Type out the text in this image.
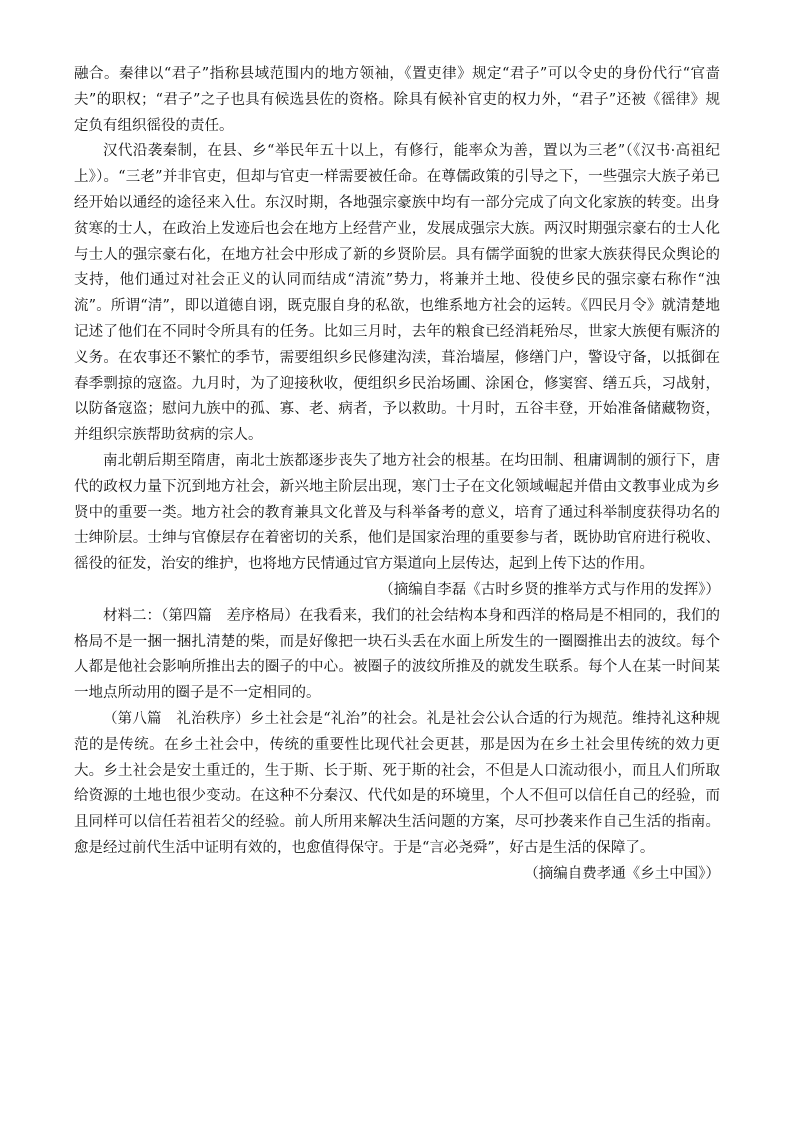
融合。秦律以“君子”指称县域范围内的地方领袖，《置吏律》规定“君子”可以令史的身份代行“官啬夫”的职权；“君子”之子也具有候选县佐的资格。除具有候补官吏的权力外，“君子”还被《徭律》规定负有组织徭役的责任。

汉代沿袭秦制，在县、乡“举民年五十以上，有修行，能率众为善，置以为三老”（《汉书·高祖纪上》）。“三老”并非官吏，但却与官吏一样需要被任命。在尊儒政策的引导之下，一些强宗大族子弟已经开始以通经的途径来入仕。东汉时期，各地强宗豪族中均有一部分完成了向文化家族的转变。出身贫寒的士人，在政治上发迹后也会在地方上经营产业，发展成强宗大族。两汉时期强宗豪右的士人化与士人的强宗豪右化，在地方社会中形成了新的乡贤阶层。具有儒学面貌的世家大族获得民众舆论的支持，他们通过对社会正义的认同而结成“清流”势力，将兼并土地、役使乡民的强宗豪右称作“浊流”。所谓“清”，即以道德自诩，既克服自身的私欲，也维系地方社会的运转。《四民月令》就清楚地记述了他们在不同时令所具有的任务。比如三月时，去年的粮食已经消耗殆尽，世家大族便有赈济的义务。在农事还不繁忙的季节，需要组织乡民修建沟渎，葺治墙屋，修缮门户，警设守备，以抵御在春季剽掠的寇盗。九月时，为了迎接秋收，便组织乡民治场圃、涂囷仓，修窦窖、缮五兵，习战射，以防备寇盗；慰问九族中的孤、寡、老、病者，予以救助。十月时，五谷丰登，开始准备储藏物资，并组织宗族帮助贫病的宗人。

南北朝后期至隋唐，南北士族都逐步丧失了地方社会的根基。在均田制、租庸调制的颁行下，唐代的政权力量下沉到地方社会，新兴地主阶层出现，寒门士子在文化领域崛起并借由文教事业成为乡贤中的重要一类。地方社会的教育兼具文化普及与科举备考的意义，培育了通过科举制度获得功名的士绅阶层。士绅与官僚层存在着密切的关系，他们是国家治理的重要参与者，既协助官府进行税收、徭役的征发，治安的维护，也将地方民情通过官方渠道向上层传达，起到上传下达的作用。

（摘编自李磊《古时乡贤的推举方式与作用的发挥》）

材料二：（第四篇　差序格局）在我看来，我们的社会结构本身和西洋的格局是不相同的，我们的格局不是一捆一捆扎清楚的柴，而是好像把一块石头丢在水面上所发生的一圈圈推出去的波纹。每个人都是他社会影响所推出去的圈子的中心。被圈子的波纹所推及的就发生联系。每个人在某一时间某一地点所动用的圈子是不一定相同的。

（第八篇　礼治秩序）乡土社会是“礼治”的社会。礼是社会公认合适的行为规范。维持礼这种规范的是传统。在乡土社会中，传统的重要性比现代社会更甚，那是因为在乡土社会里传统的效力更大。乡土社会是安土重迁的，生于斯、长于斯、死于斯的社会，不但是人口流动很小，而且人们所取给资源的土地也很少变动。在这种不分秦汉、代代如是的环境里，个人不但可以信任自己的经验，而且同样可以信任若祖若父的经验。前人所用来解决生活问题的方案，尽可抄袭来作自己生活的指南。愈是经过前代生活中证明有效的，也愈值得保守。于是“言必尧舜”，好古是生活的保障了。

（摘编自费孝通《乡土中国》）
